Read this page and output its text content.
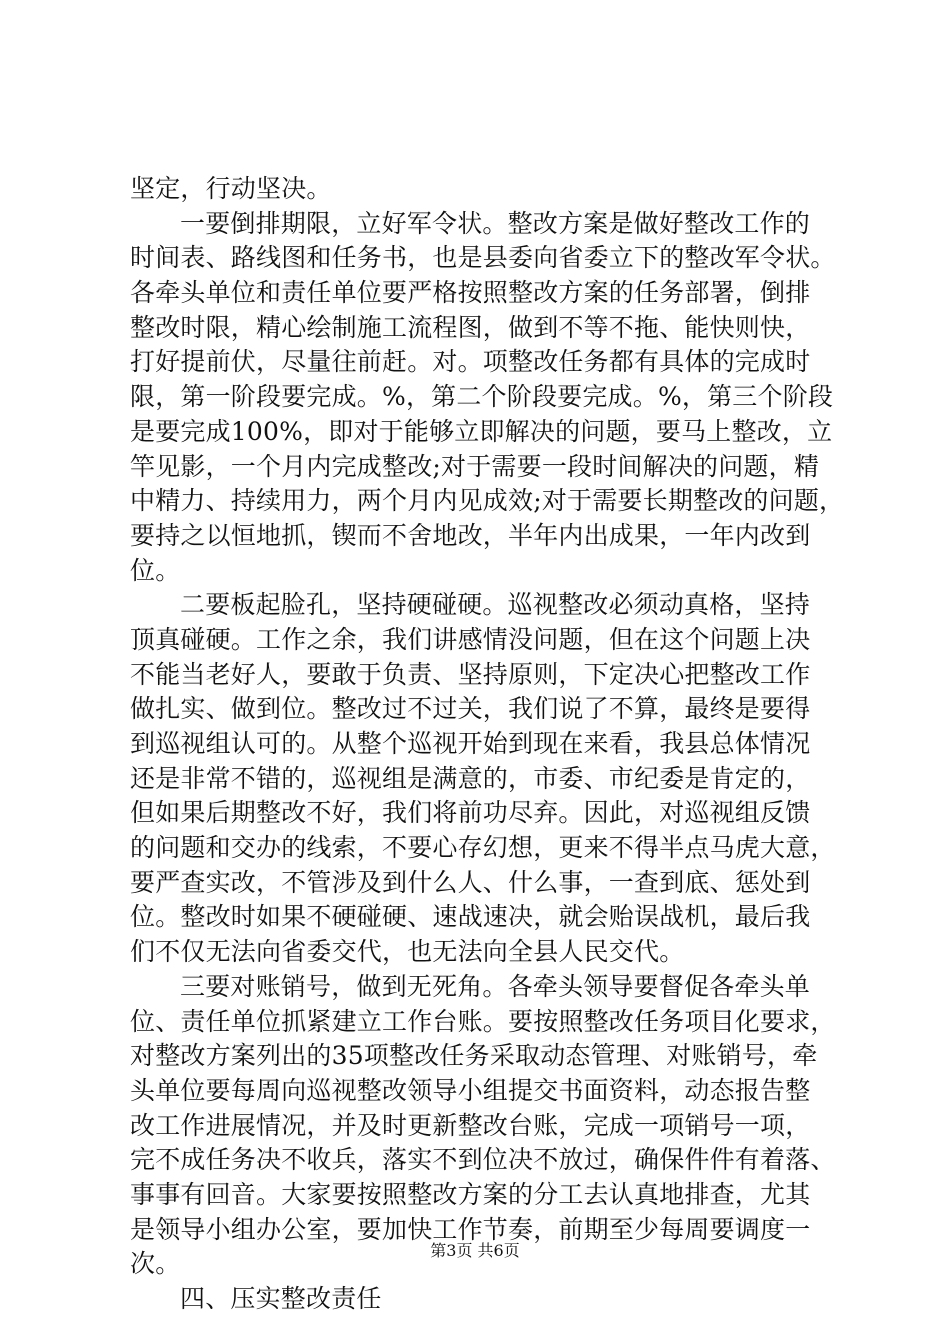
坚定，行动坚决。
一要倒排期限，立好军令状。整改方案是做好整改工作的
时间表、路线图和任务书，也是县委向省委立下的整改军令状。
各牵头单位和责任单位要严格按照整改方案的任务部署，倒排
整改时限，精心绘制施工流程图，做到不等不拖、能快则快，
打好提前伏，尽量往前赶。对。项整改任务都有具体的完成时
限，第一阶段要完成。%，第二个阶段要完成。%，第三个阶段
是要完成100%，即对于能够立即解决的问题，要马上整改，立
竿见影，一个月内完成整改;对于需要一段时间解决的问题，精
中精力、持续用力，两个月内见成效;对于需要长期整改的问题，
要持之以恒地抓，锲而不舍地改，半年内出成果，一年内改到
位。
二要板起脸孔，坚持硬碰硬。巡视整改必须动真格，坚持
顶真碰硬。工作之余，我们讲感情没问题，但在这个问题上决
不能当老好人，要敢于负责、坚持原则，下定决心把整改工作
做扎实、做到位。整改过不过关，我们说了不算，最终是要得
到巡视组认可的。从整个巡视开始到现在来看，我县总体情况
还是非常不错的，巡视组是满意的，市委、市纪委是肯定的，
但如果后期整改不好，我们将前功尽弃。因此，对巡视组反馈
的问题和交办的线索，不要心存幻想，更来不得半点马虎大意，
要严查实改，不管涉及到什么人、什么事，一查到底、惩处到
位。整改时如果不硬碰硬、速战速决，就会贻误战机，最后我
们不仅无法向省委交代，也无法向全县人民交代。
三要对账销号，做到无死角。各牵头领导要督促各牵头单
位、责任单位抓紧建立工作台账。要按照整改任务项目化要求，
对整改方案列出的35项整改任务采取动态管理、对账销号，牵
头单位要每周向巡视整改领导小组提交书面资料，动态报告整
改工作进展情况，并及时更新整改台账，完成一项销号一项，
完不成任务决不收兵，落实不到位决不放过，确保件件有着落、
事事有回音。大家要按照整改方案的分工去认真地排查，尤其
是领导小组办公室，要加快工作节奏，前期至少每周要调度一
次。
四、压实整改责任
第3页 共6页
